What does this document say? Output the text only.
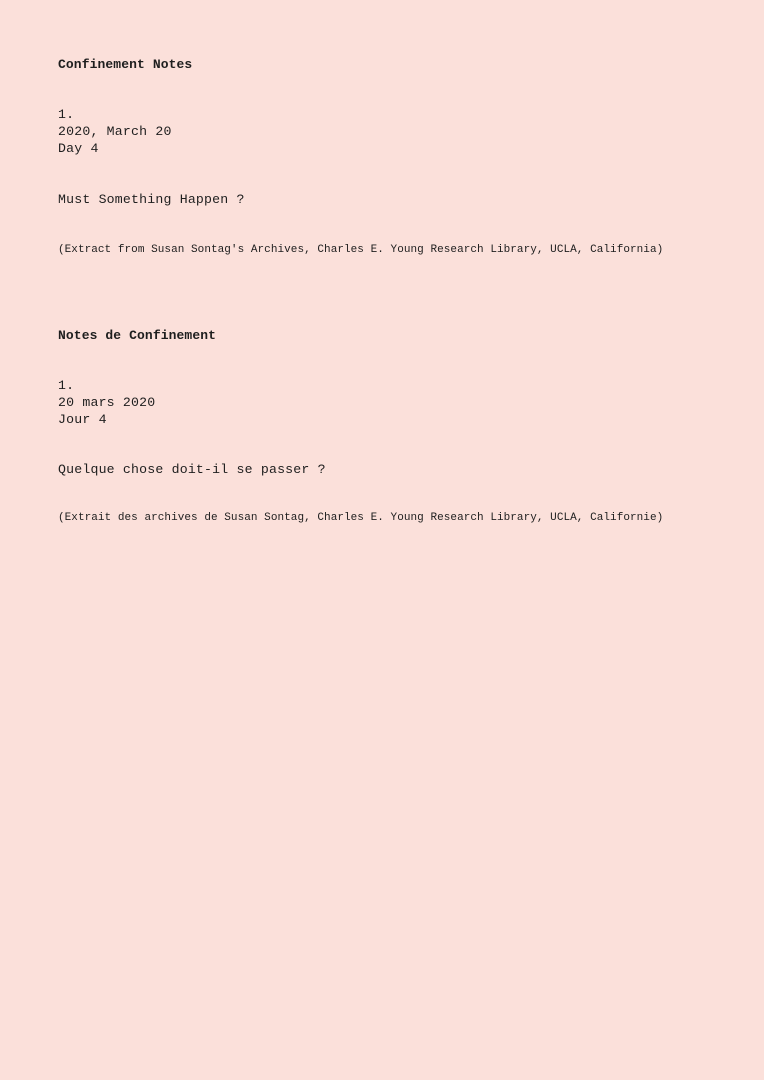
Confinement Notes

1.

2020, March 20

Day 4

Must Something Happen ?

(Extract from Susan Sontag's Archives, Charles E. Young Research Library, UCLA, California)

Notes de Confinement

1.

20 mars 2020

Jour 4

Quelque chose doit-il se passer ?

(Extrait des archives de Susan Sontag, Charles E. Young Research Library, UCLA, Californie)
